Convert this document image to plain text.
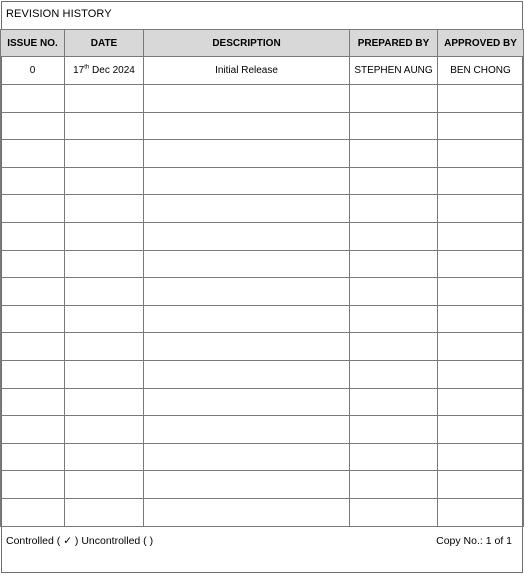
REVISION HISTORY
ISSUE NO.	DATE	DESCRIPTION	PREPARED BY	APPROVED BY
0	17th Dec 2024	Initial Release	STEPHEN AUNG	BEN CHONG

Controlled ( ✓ ) Uncontrolled ( )	Copy No.: 1 of 1
